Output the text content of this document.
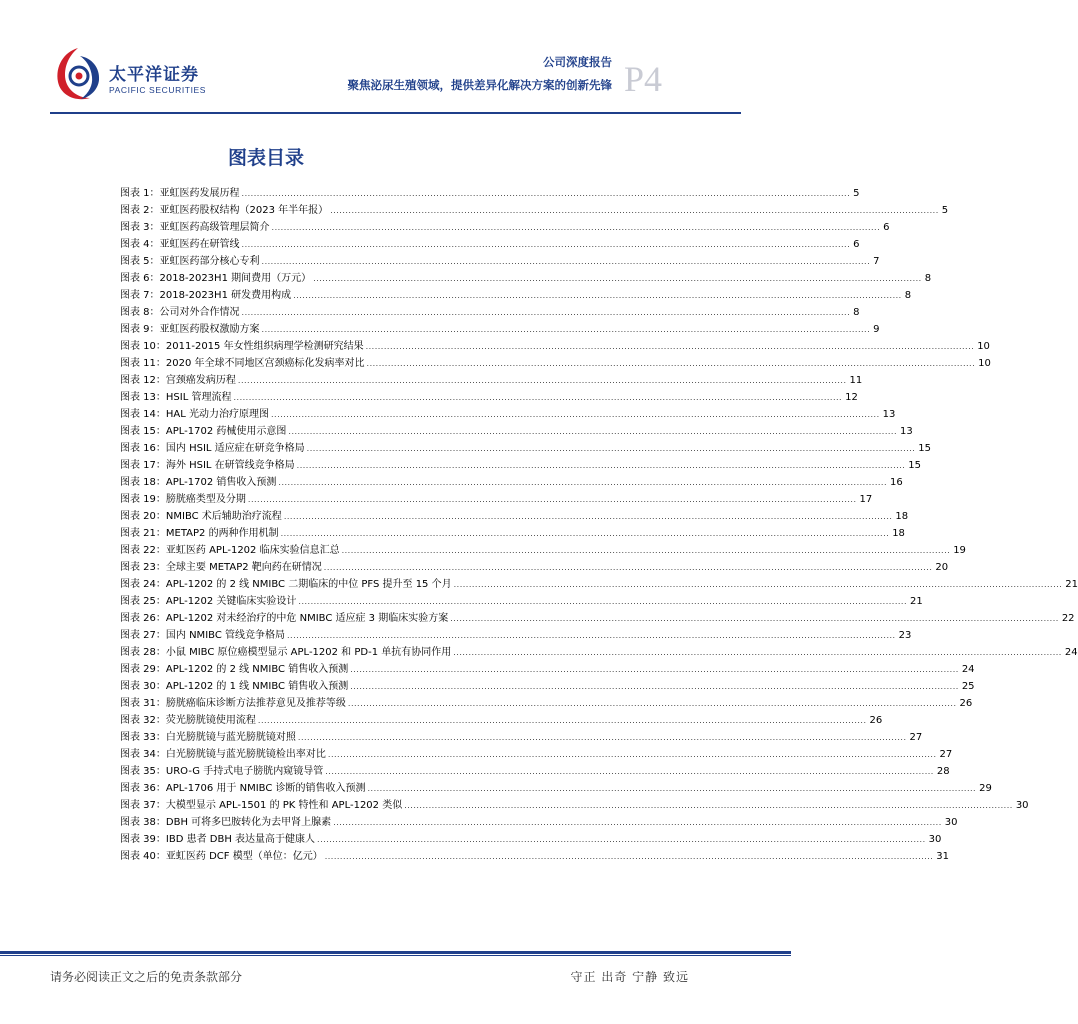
太平洋证券
PACIFIC SECURITIES
公司深度报告
聚焦泌尿生殖领域，提供差异化解决方案的创新先锋 P4
图表目录
图表 1：亚虹医药发展历程 ........................................................................................................................................................................................................ 5
图表 2：亚虹医药股权结构（2023 年半年报） ........................................................................................................................................................................................................ 5
图表 3：亚虹医药高级管理层简介 ........................................................................................................................................................................................................ 6
图表 4：亚虹医药在研管线 ........................................................................................................................................................................................................ 6
图表 5：亚虹医药部分核心专利 ........................................................................................................................................................................................................ 7
图表 6：2018-2023H1 期间费用（万元） ........................................................................................................................................................................................................ 8
图表 7：2018-2023H1 研发费用构成 ........................................................................................................................................................................................................ 8
图表 8：公司对外合作情况 ........................................................................................................................................................................................................ 8
图表 9：亚虹医药股权激励方案 ........................................................................................................................................................................................................ 9
图表 10：2011-2015 年女性组织病理学检测研究结果 ........................................................................................................................................................................................................ 10
图表 11：2020 年全球不同地区宫颈癌标化发病率对比 ........................................................................................................................................................................................................ 10
图表 12：宫颈癌发病历程 ........................................................................................................................................................................................................ 11
图表 13：HSIL 管理流程 ........................................................................................................................................................................................................ 12
图表 14：HAL 光动力治疗原理图 ........................................................................................................................................................................................................ 13
图表 15：APL-1702 药械使用示意图 ........................................................................................................................................................................................................ 13
图表 16：国内 HSIL 适应症在研竞争格局 ........................................................................................................................................................................................................ 15
图表 17：海外 HSIL 在研管线竞争格局 ........................................................................................................................................................................................................ 15
图表 18：APL-1702 销售收入预测 ........................................................................................................................................................................................................ 16
图表 19：膀胱癌类型及分期 ........................................................................................................................................................................................................ 17
图表 20：NMIBC 术后辅助治疗流程 ........................................................................................................................................................................................................ 18
图表 21：METAP2 的两种作用机制 ........................................................................................................................................................................................................ 18
图表 22：亚虹医药 APL-1202 临床实验信息汇总 ........................................................................................................................................................................................................ 19
图表 23：全球主要 METAP2 靶向药在研情况 ........................................................................................................................................................................................................ 20
图表 24：APL-1202 的 2 线 NMIBC 二期临床的中位 PFS 提升至 15 个月 ........................................................................................................................................................................................................ 21
图表 25：APL-1202 关键临床实验设计 ........................................................................................................................................................................................................ 21
图表 26：APL-1202 对未经治疗的中危 NMIBC 适应症 3 期临床实验方案 ........................................................................................................................................................................................................ 22
图表 27：国内 NMIBC 管线竞争格局 ........................................................................................................................................................................................................ 23
图表 28：小鼠 MIBC 原位癌模型显示 APL-1202 和 PD-1 单抗有协同作用 ........................................................................................................................................................................................................ 24
图表 29：APL-1202 的 2 线 NMIBC 销售收入预测 ........................................................................................................................................................................................................ 24
图表 30：APL-1202 的 1 线 NMIBC 销售收入预测 ........................................................................................................................................................................................................ 25
图表 31：膀胱癌临床诊断方法推荐意见及推荐等级 ........................................................................................................................................................................................................ 26
图表 32：荧光膀胱镜使用流程 ........................................................................................................................................................................................................ 26
图表 33：白光膀胱镜与蓝光膀胱镜对照 ........................................................................................................................................................................................................ 27
图表 34：白光膀胱镜与蓝光膀胱镜检出率对比 ........................................................................................................................................................................................................ 27
图表 35：URO-G 手持式电子膀胱内窥镜导管 ........................................................................................................................................................................................................ 28
图表 36：APL-1706 用于 NMIBC 诊断的销售收入预测 ........................................................................................................................................................................................................ 29
图表 37：大模型显示 APL-1501 的 PK 特性和 APL-1202 类似 ........................................................................................................................................................................................................ 30
图表 38：DBH 可将多巴胺转化为去甲肾上腺素 ........................................................................................................................................................................................................ 30
图表 39：IBD 患者 DBH 表达量高于健康人 ........................................................................................................................................................................................................ 30
图表 40：亚虹医药 DCF 模型（单位：亿元） ........................................................................................................................................................................................................ 31
请务必阅读正文之后的免责条款部分	守正 出奇 宁静 致远
